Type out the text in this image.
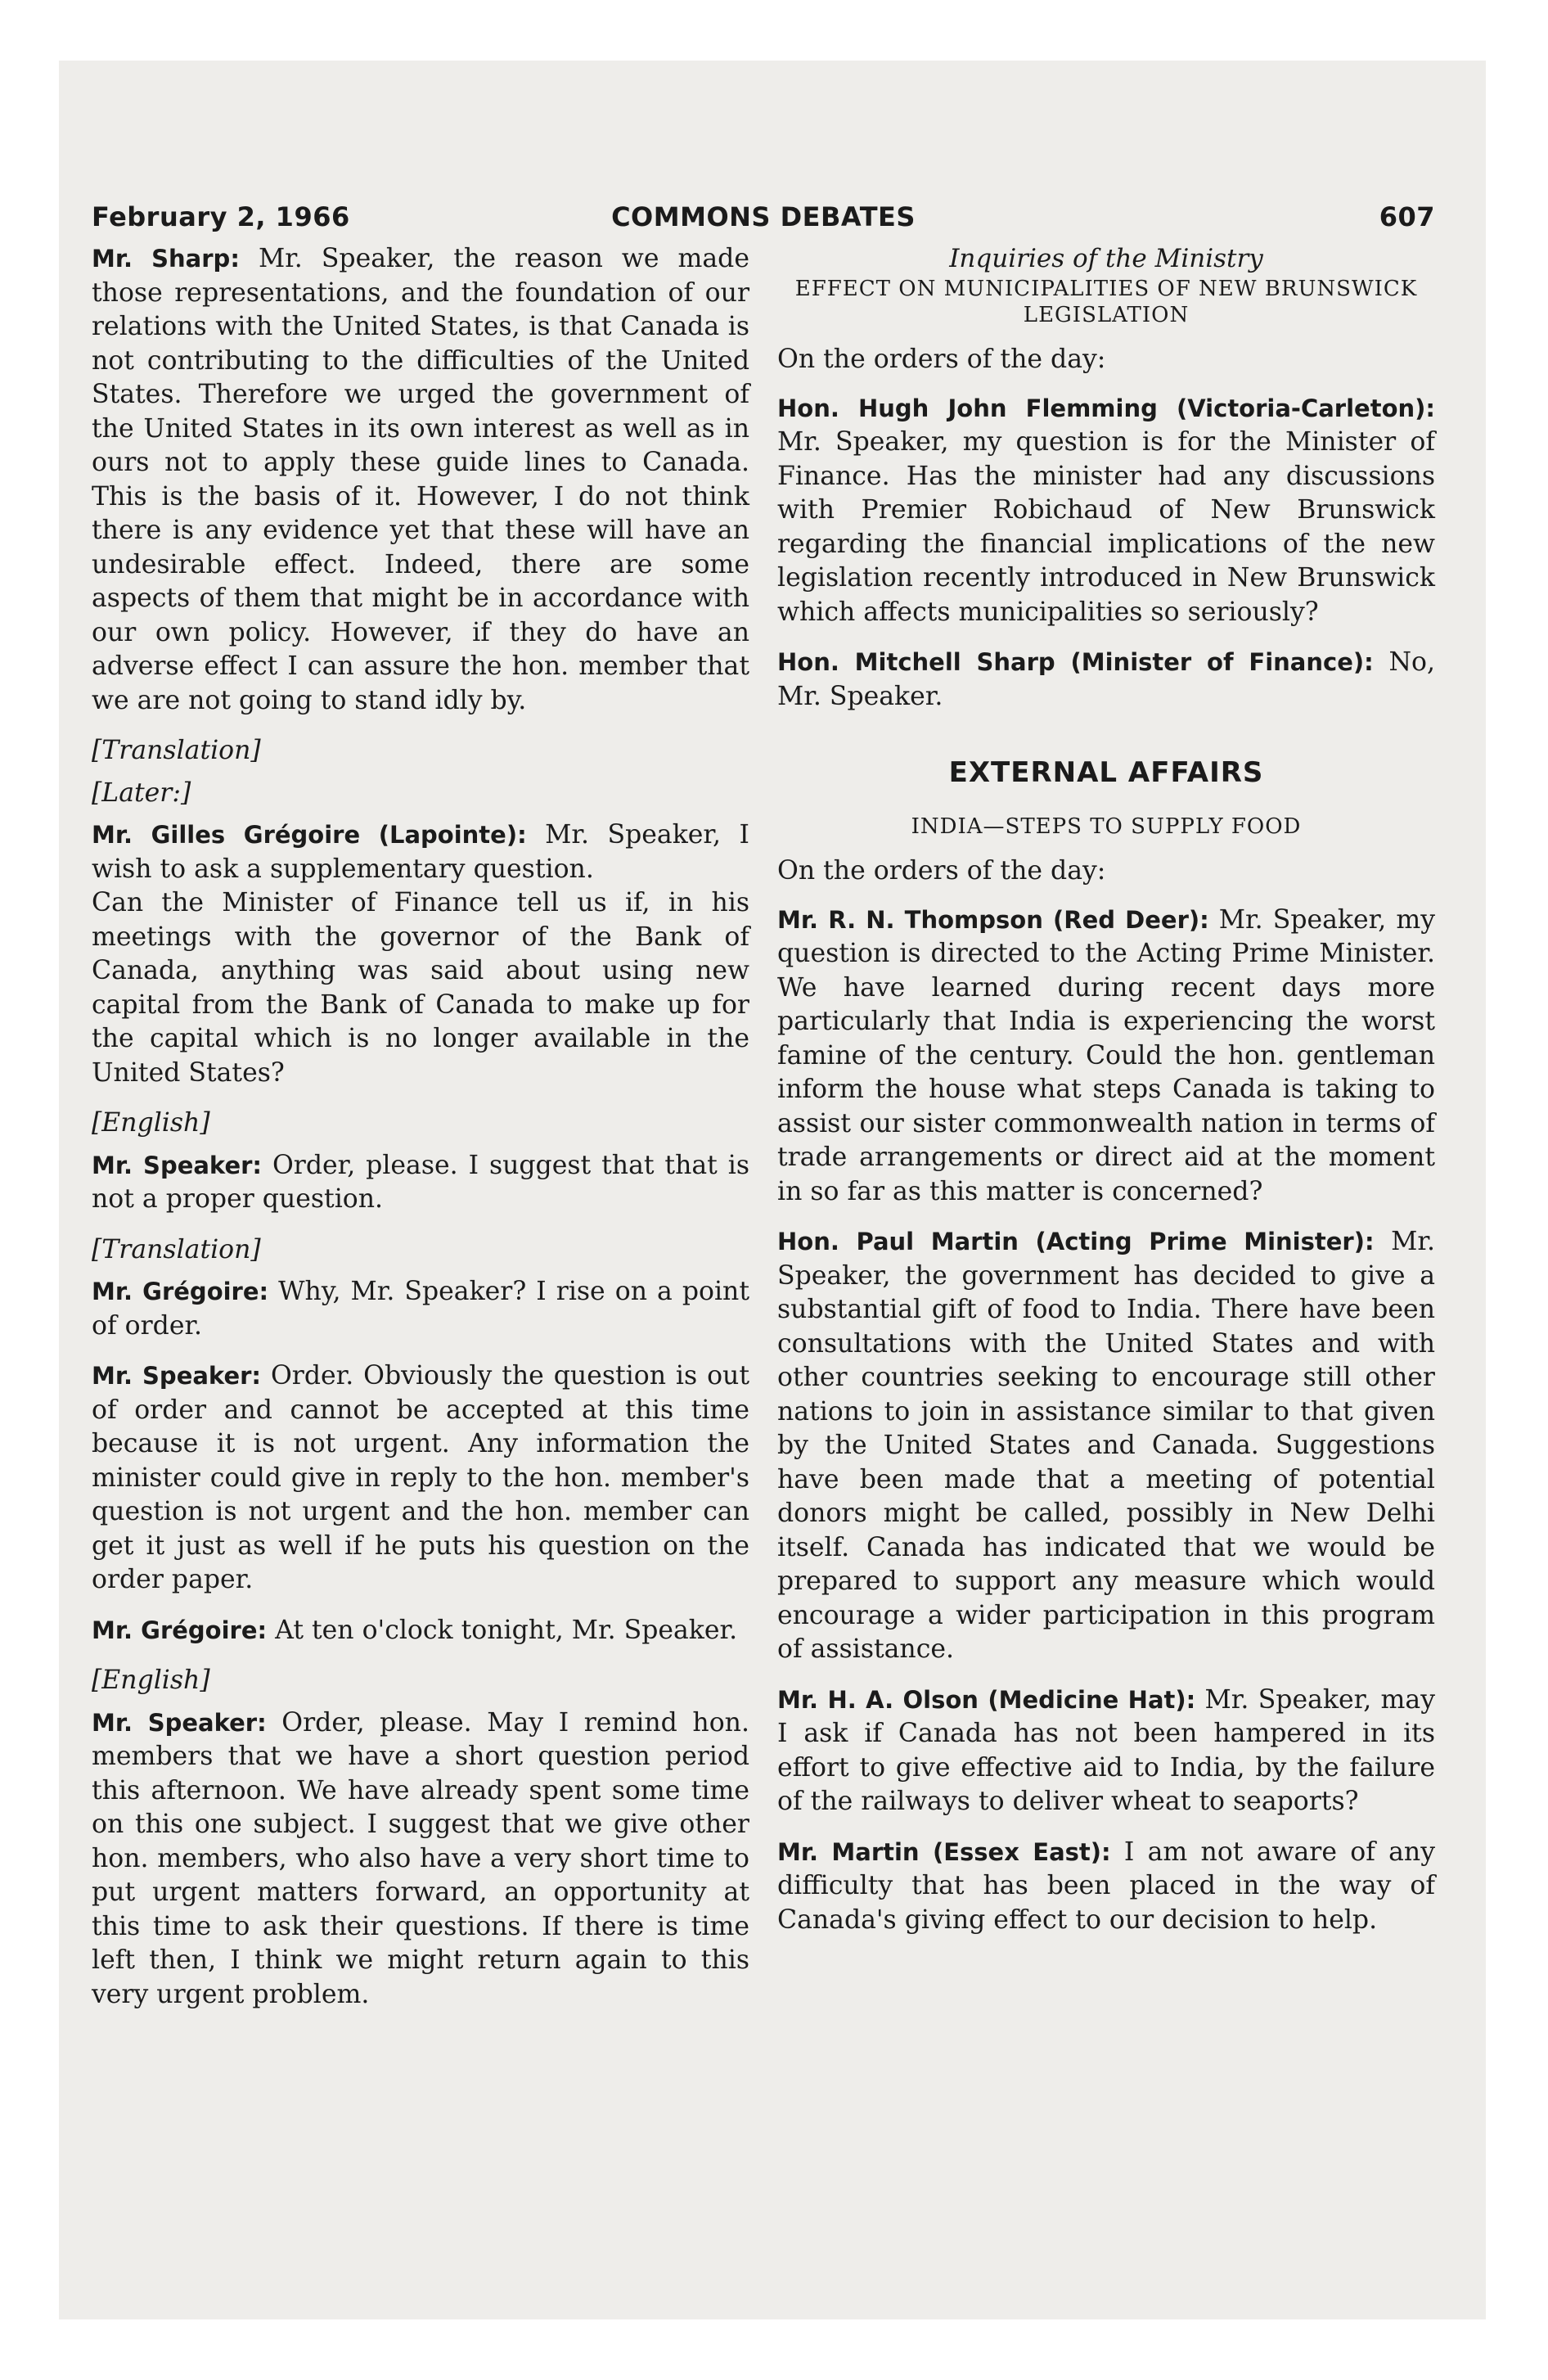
February 2, 1966	COMMONS DEBATES	607

Mr. Sharp: Mr. Speaker, the reason we made those representations, and the foundation of our relations with the United States, is that Canada is not contributing to the difficulties of the United States. Therefore we urged the government of the United States in its own interest as well as in ours not to apply these guide lines to Canada. This is the basis of it. However, I do not think there is any evidence yet that these will have an undesirable effect. Indeed, there are some aspects of them that might be in accordance with our own policy. However, if they do have an adverse effect I can assure the hon. member that we are not going to stand idly by.

[Translation]
[Later:]

Mr. Gilles Grégoire (Lapointe): Mr. Speaker, I wish to ask a supplementary question.

Can the Minister of Finance tell us if, in his meetings with the governor of the Bank of Canada, anything was said about using new capital from the Bank of Canada to make up for the capital which is no longer available in the United States?

[English]

Mr. Speaker: Order, please. I suggest that that is not a proper question.

[Translation]

Mr. Grégoire: Why, Mr. Speaker? I rise on a point of order.

Mr. Speaker: Order. Obviously the question is out of order and cannot be accepted at this time because it is not urgent. Any information the minister could give in reply to the hon. member's question is not urgent and the hon. member can get it just as well if he puts his question on the order paper.

Mr. Grégoire: At ten o'clock tonight, Mr. Speaker.

[English]

Mr. Speaker: Order, please. May I remind hon. members that we have a short question period this afternoon. We have already spent some time on this one subject. I suggest that we give other hon. members, who also have a very short time to put urgent matters forward, an opportunity at this time to ask their questions. If there is time left then, I think we might return again to this very urgent problem.

Inquiries of the Ministry
EFFECT ON MUNICIPALITIES OF NEW BRUNSWICK LEGISLATION
On the orders of the day:

Hon. Hugh John Flemming (Victoria-Carleton): Mr. Speaker, my question is for the Minister of Finance. Has the minister had any discussions with Premier Robichaud of New Brunswick regarding the financial implications of the new legislation recently introduced in New Brunswick which affects municipalities so seriously?

Hon. Mitchell Sharp (Minister of Finance): No, Mr. Speaker.

EXTERNAL AFFAIRS
INDIA—STEPS TO SUPPLY FOOD
On the orders of the day:

Mr. R. N. Thompson (Red Deer): Mr. Speaker, my question is directed to the Acting Prime Minister. We have learned during recent days more particularly that India is experiencing the worst famine of the century. Could the hon. gentleman inform the house what steps Canada is taking to assist our sister commonwealth nation in terms of trade arrangements or direct aid at the moment in so far as this matter is concerned?

Hon. Paul Martin (Acting Prime Minister): Mr. Speaker, the government has decided to give a substantial gift of food to India. There have been consultations with the United States and with other countries seeking to encourage still other nations to join in assistance similar to that given by the United States and Canada. Suggestions have been made that a meeting of potential donors might be called, possibly in New Delhi itself. Canada has indicated that we would be prepared to support any measure which would encourage a wider participation in this program of assistance.

Mr. H. A. Olson (Medicine Hat): Mr. Speaker, may I ask if Canada has not been hampered in its effort to give effective aid to India, by the failure of the railways to deliver wheat to seaports?

Mr. Martin (Essex East): I am not aware of any difficulty that has been placed in the way of Canada's giving effect to our decision to help.
